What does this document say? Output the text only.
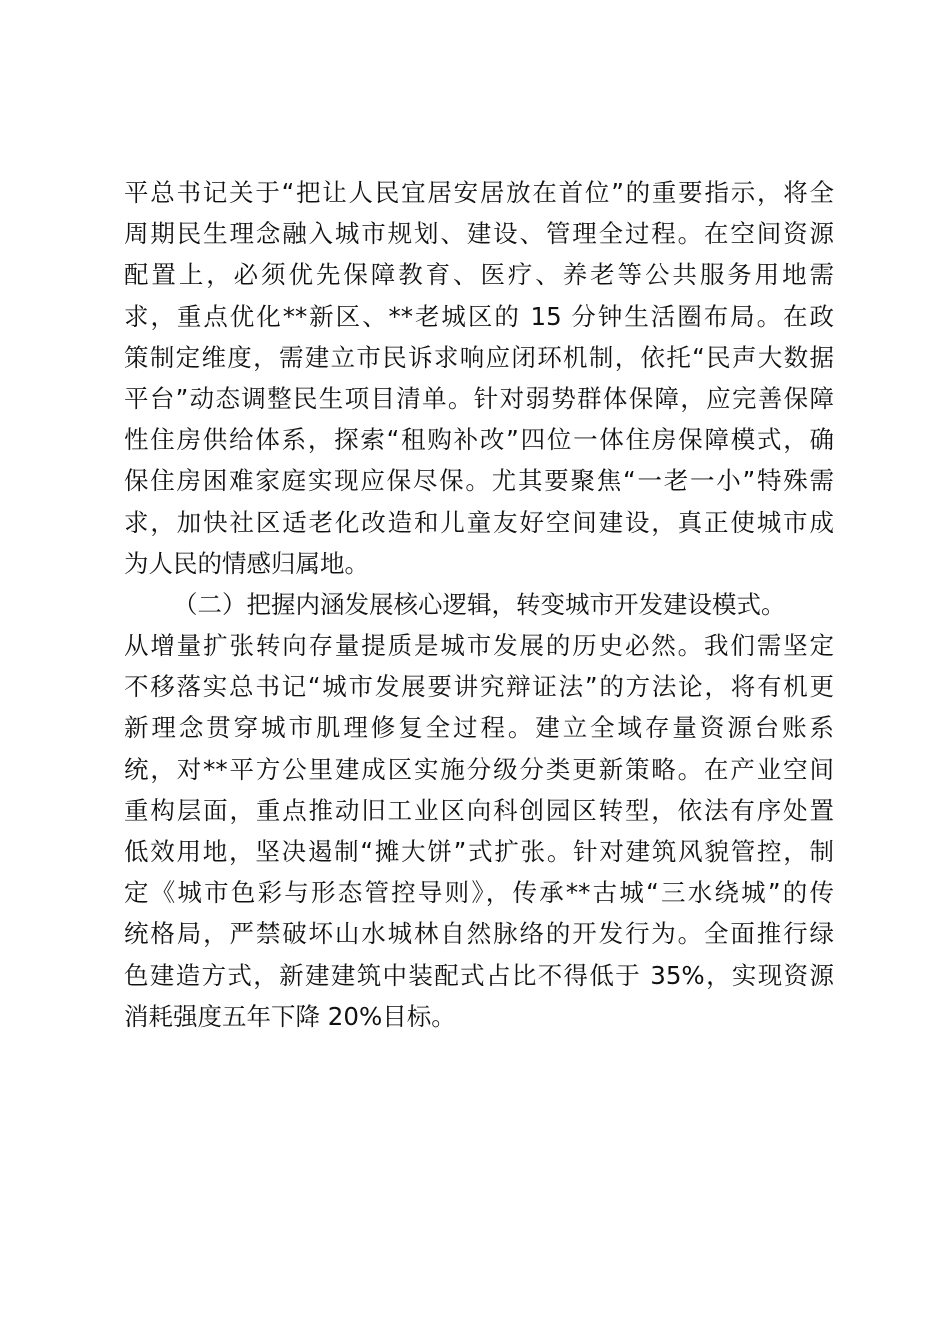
平总书记关于“把让人民宜居安居放在首位”的重要指示，将全

周期民生理念融入城市规划、建设、管理全过程。在空间资源

配置上，必须优先保障教育、医疗、养老等公共服务用地需

求，重点优化**新区、**老城区的 15 分钟生活圈布局。在政

策制定维度，需建立市民诉求响应闭环机制，依托“民声大数据

平台”动态调整民生项目清单。针对弱势群体保障，应完善保障

性住房供给体系，探索“租购补改”四位一体住房保障模式，确

保住房困难家庭实现应保尽保。尤其要聚焦“一老一小”特殊需

求，加快社区适老化改造和儿童友好空间建设，真正使城市成

为人民的情感归属地。

（二）把握内涵发展核心逻辑，转变城市开发建设模式。

从增量扩张转向存量提质是城市发展的历史必然。我们需坚定

不移落实总书记“城市发展要讲究辩证法”的方法论，将有机更

新理念贯穿城市肌理修复全过程。建立全域存量资源台账系

统，对**平方公里建成区实施分级分类更新策略。在产业空间

重构层面，重点推动旧工业区向科创园区转型，依法有序处置

低效用地，坚决遏制“摊大饼”式扩张。针对建筑风貌管控，制

定《城市色彩与形态管控导则》，传承**古城“三水绕城”的传

统格局，严禁破坏山水城林自然脉络的开发行为。全面推行绿

色建造方式，新建建筑中装配式占比不得低于 35%，实现资源

消耗强度五年下降 20%目标。
